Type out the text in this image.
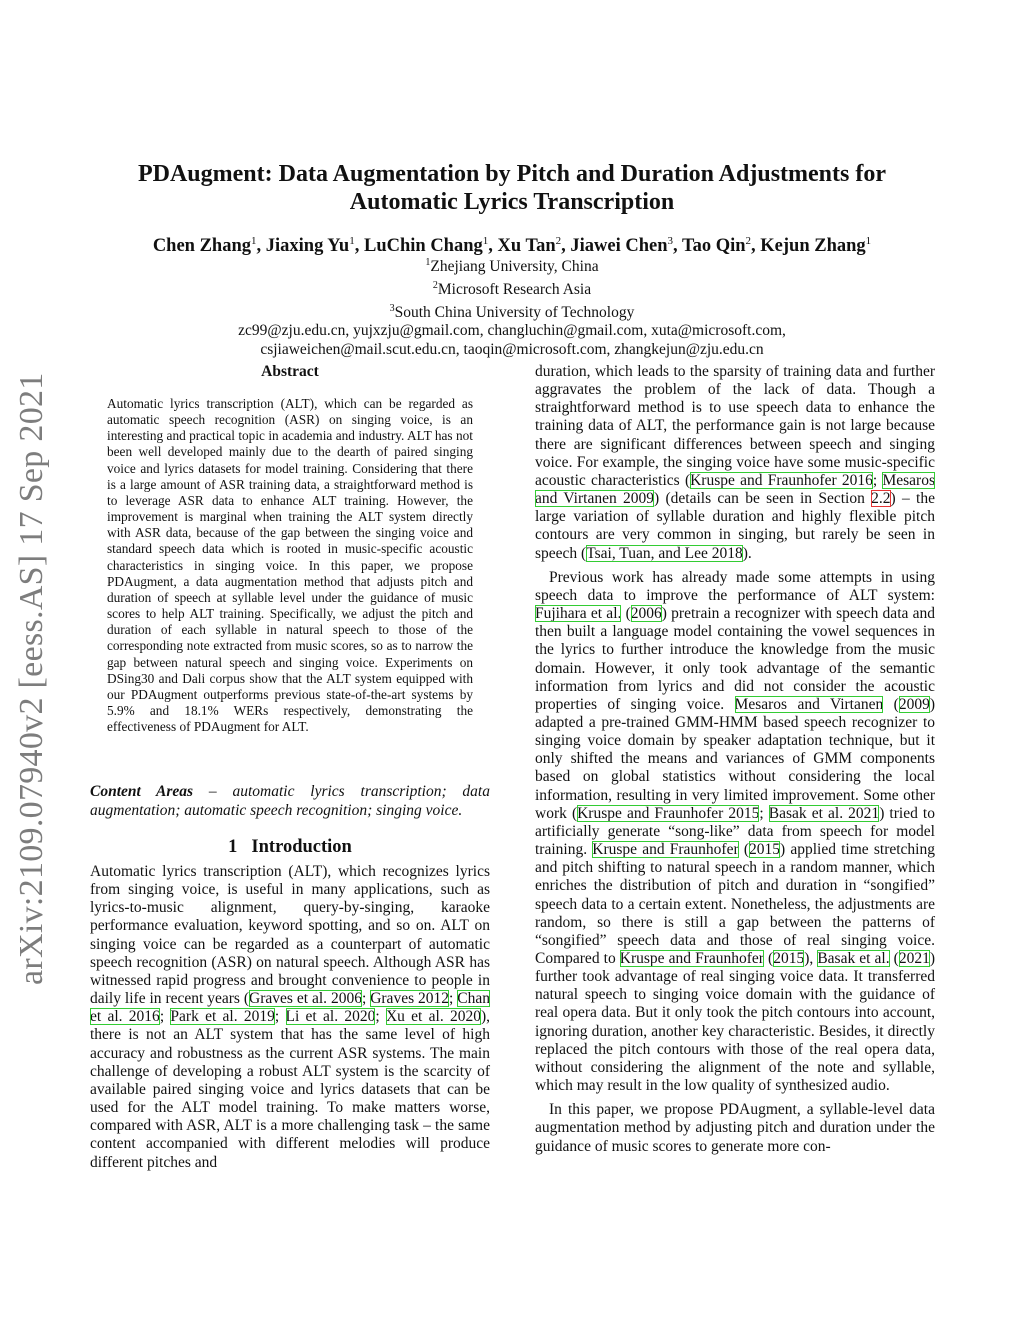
arXiv:2109.07940v2 [eess.AS] 17 Sep 2021
PDAugment: Data Augmentation by Pitch and Duration Adjustments for Automatic Lyrics Transcription
Chen Zhang$^1$, Jiaxing Yu$^1$, LuChin Chang$^1$, Xu Tan$^2$, Jiawei Chen$^3$, Tao Qin$^2$, Kejun Zhang$^1$
$^1$Zhejiang University, China
$^2$Microsoft Research Asia
$^3$South China University of Technology
zc99@zju.edu.cn, yujxzju@gmail.com, changluchin@gmail.com, xuta@microsoft.com,
csjiaweichen@mail.scut.edu.cn, taoqin@microsoft.com, zhangkejun@zju.edu.cn
Abstract
Automatic lyrics transcription (ALT), which can be regarded as automatic speech recognition (ASR) on singing voice, is an interesting and practical topic in academia and industry. ALT has not been well developed mainly due to the dearth of paired singing voice and lyrics datasets for model training. Considering that there is a large amount of ASR training data, a straightforward method is to leverage ASR data to enhance ALT training. However, the improvement is marginal when training the ALT system directly with ASR data, because of the gap between the singing voice and standard speech data which is rooted in music-specific acoustic characteristics in singing voice. In this paper, we propose PDAugment, a data augmentation method that adjusts pitch and duration of speech at syllable level under the guidance of music scores to help ALT training. Specifically, we adjust the pitch and duration of each syllable in natural speech to those of the corresponding note extracted from music scores, so as to narrow the gap between natural speech and singing voice. Experiments on DSing30 and Dali corpus show that the ALT system equipped with our PDAugment outperforms previous state-of-the-art systems by 5.9% and 18.1% WERs respectively, demonstrating the effectiveness of PDAugment for ALT.
Content Areas – automatic lyrics transcription; data augmentation; automatic speech recognition; singing voice.
1 Introduction
Automatic lyrics transcription (ALT), which recognizes lyrics from singing voice, is useful in many applications, such as lyrics-to-music alignment, query-by-singing, karaoke performance evaluation, keyword spotting, and so on. ALT on singing voice can be regarded as a counterpart of automatic speech recognition (ASR) on natural speech. Although ASR has witnessed rapid progress and brought convenience to people in daily life in recent years (Graves et al. 2006; Graves 2012; Chan et al. 2016; Park et al. 2019; Li et al. 2020; Xu et al. 2020), there is not an ALT system that has the same level of high accuracy and robustness as the current ASR systems. The main challenge of developing a robust ALT system is the scarcity of available paired singing voice and lyrics datasets that can be used for the ALT model training. To make matters worse, compared with ASR, ALT is a more challenging task – the same content accompanied with different melodies will produce different pitches and

duration, which leads to the sparsity of training data and further aggravates the problem of the lack of data. Though a straightforward method is to use speech data to enhance the training data of ALT, the performance gain is not large because there are significant differences between speech and singing voice. For example, the singing voice have some music-specific acoustic characteristics (Kruspe and Fraunhofer 2016; Mesaros and Virtanen 2009) (details can be seen in Section 2.2) – the large variation of syllable duration and highly flexible pitch contours are very common in singing, but rarely be seen in speech (Tsai, Tuan, and Lee 2018).

Previous work has already made some attempts in using speech data to improve the performance of ALT system: Fujihara et al. (2006) pretrain a recognizer with speech data and then built a language model containing the vowel sequences in the lyrics to further introduce the knowledge from the music domain. However, it only took advantage of the semantic information from lyrics and did not consider the acoustic properties of singing voice. Mesaros and Virtanen (2009) adapted a pre-trained GMM-HMM based speech recognizer to singing voice domain by speaker adaptation technique, but it only shifted the means and variances of GMM components based on global statistics without considering the local information, resulting in very limited improvement. Some other work (Kruspe and Fraunhofer 2015; Basak et al. 2021) tried to artificially generate “song-like” data from speech for model training. Kruspe and Fraunhofer (2015) applied time stretching and pitch shifting to natural speech in a random manner, which enriches the distribution of pitch and duration in “songified” speech data to a certain extent. Nonetheless, the adjustments are random, so there is still a gap between the patterns of “songified” speech data and those of real singing voice. Compared to Kruspe and Fraunhofer (2015), Basak et al. (2021) further took advantage of real singing voice data. It transferred natural speech to singing voice domain with the guidance of real opera data. But it only took the pitch contours into account, ignoring duration, another key characteristic. Besides, it directly replaced the pitch contours with those of the real opera data, without considering the alignment of the note and syllable, which may result in the low quality of synthesized audio.

In this paper, we propose PDAugment, a syllable-level data augmentation method by adjusting pitch and duration under the guidance of music scores to generate more con-
